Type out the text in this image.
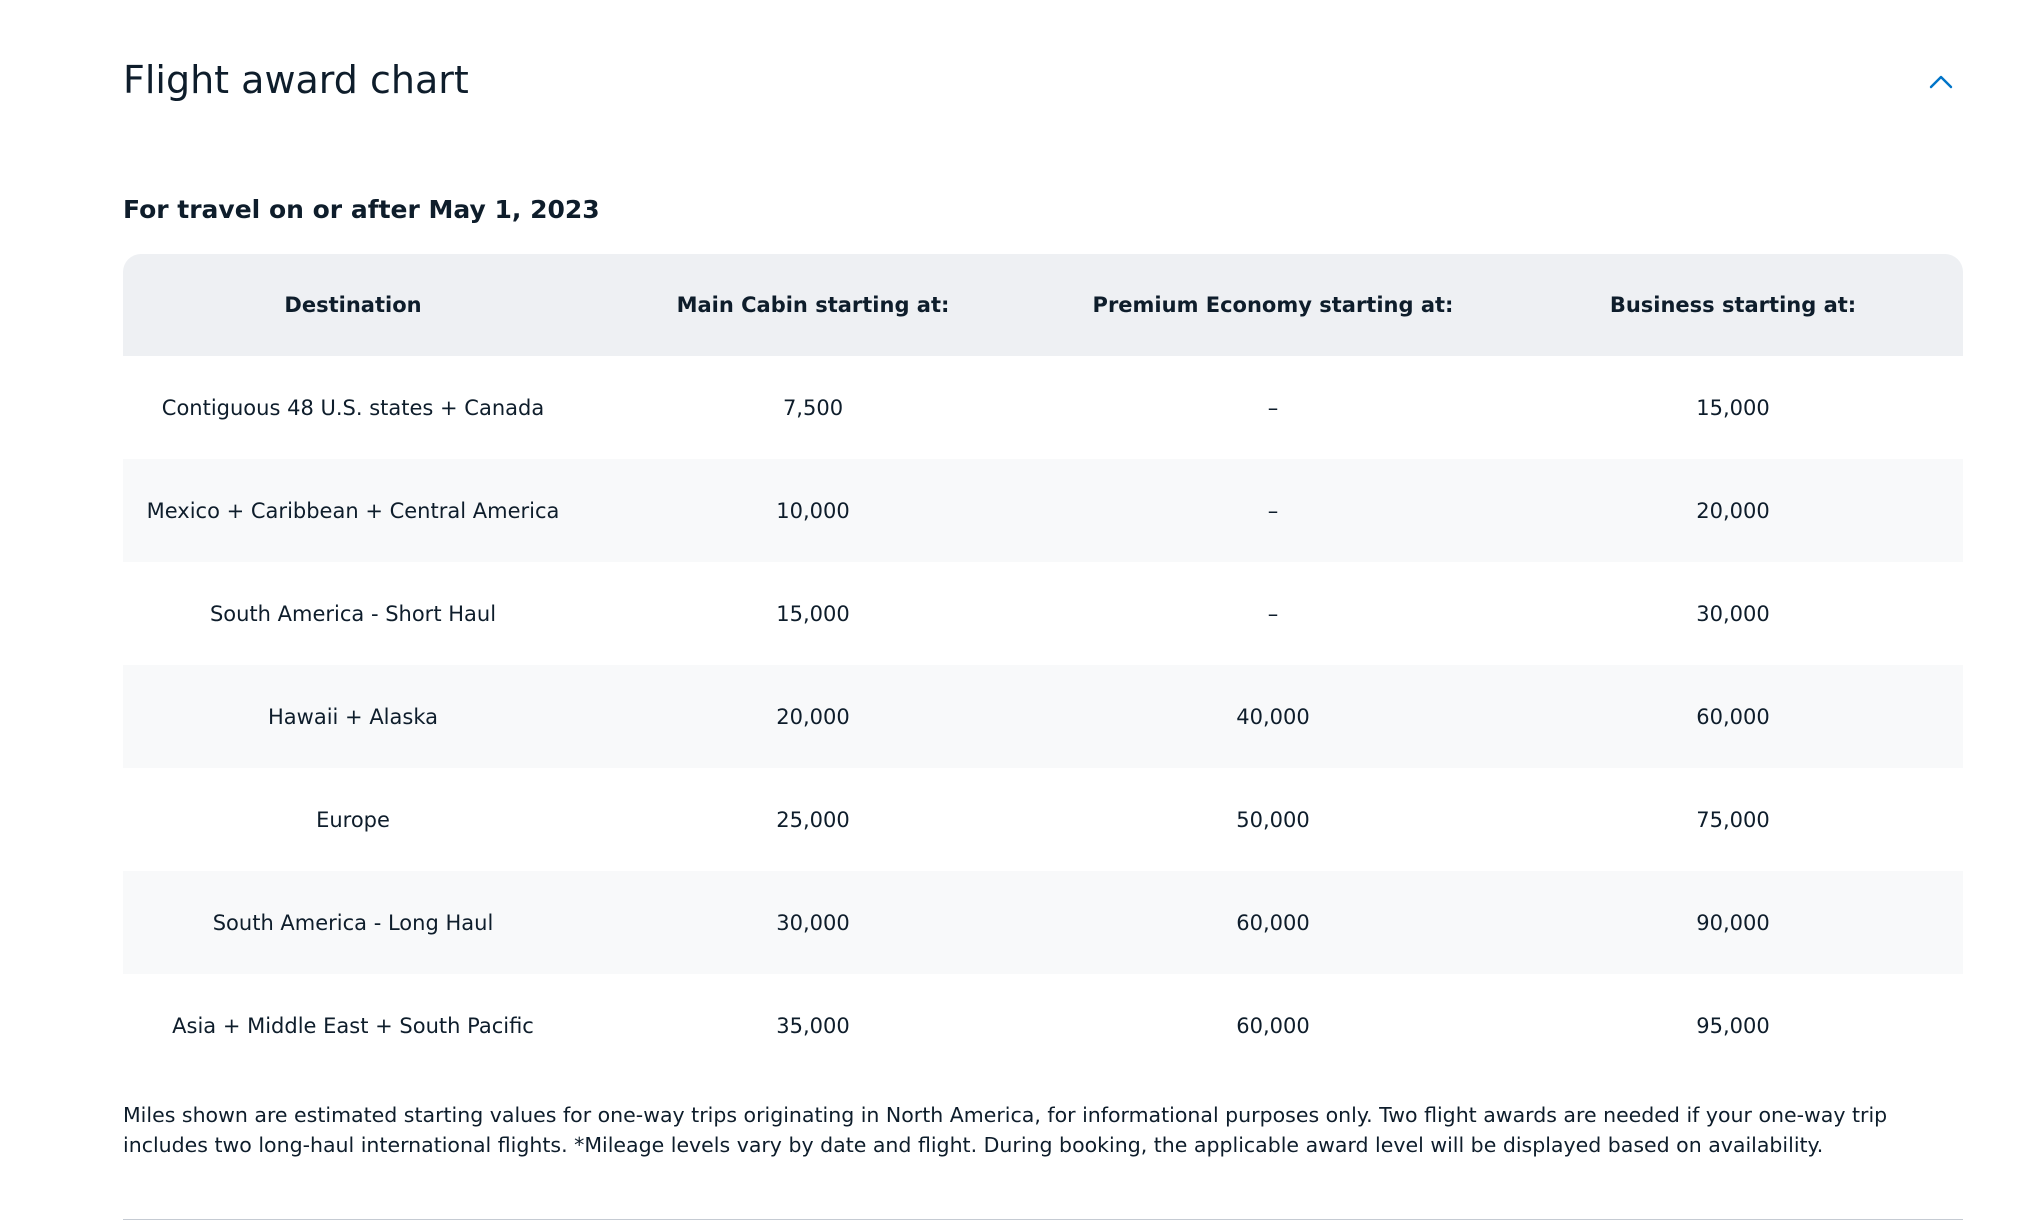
Flight award chart
For travel on or after May 1, 2023
Destination	Main Cabin starting at:	Premium Economy starting at:	Business starting at:
Contiguous 48 U.S. states + Canada	7,500	–	15,000
Mexico + Caribbean + Central America	10,000	–	20,000
South America - Short Haul	15,000	–	30,000
Hawaii + Alaska	20,000	40,000	60,000
Europe	25,000	50,000	75,000
South America - Long Haul	30,000	60,000	90,000
Asia + Middle East + South Pacific	35,000	60,000	95,000

Miles shown are estimated starting values for one-way trips originating in North America, for informational purposes only. Two flight awards are needed if your one-way trip includes two long-haul international flights. *Mileage levels vary by date and flight. During booking, the applicable award level will be displayed based on availability.
